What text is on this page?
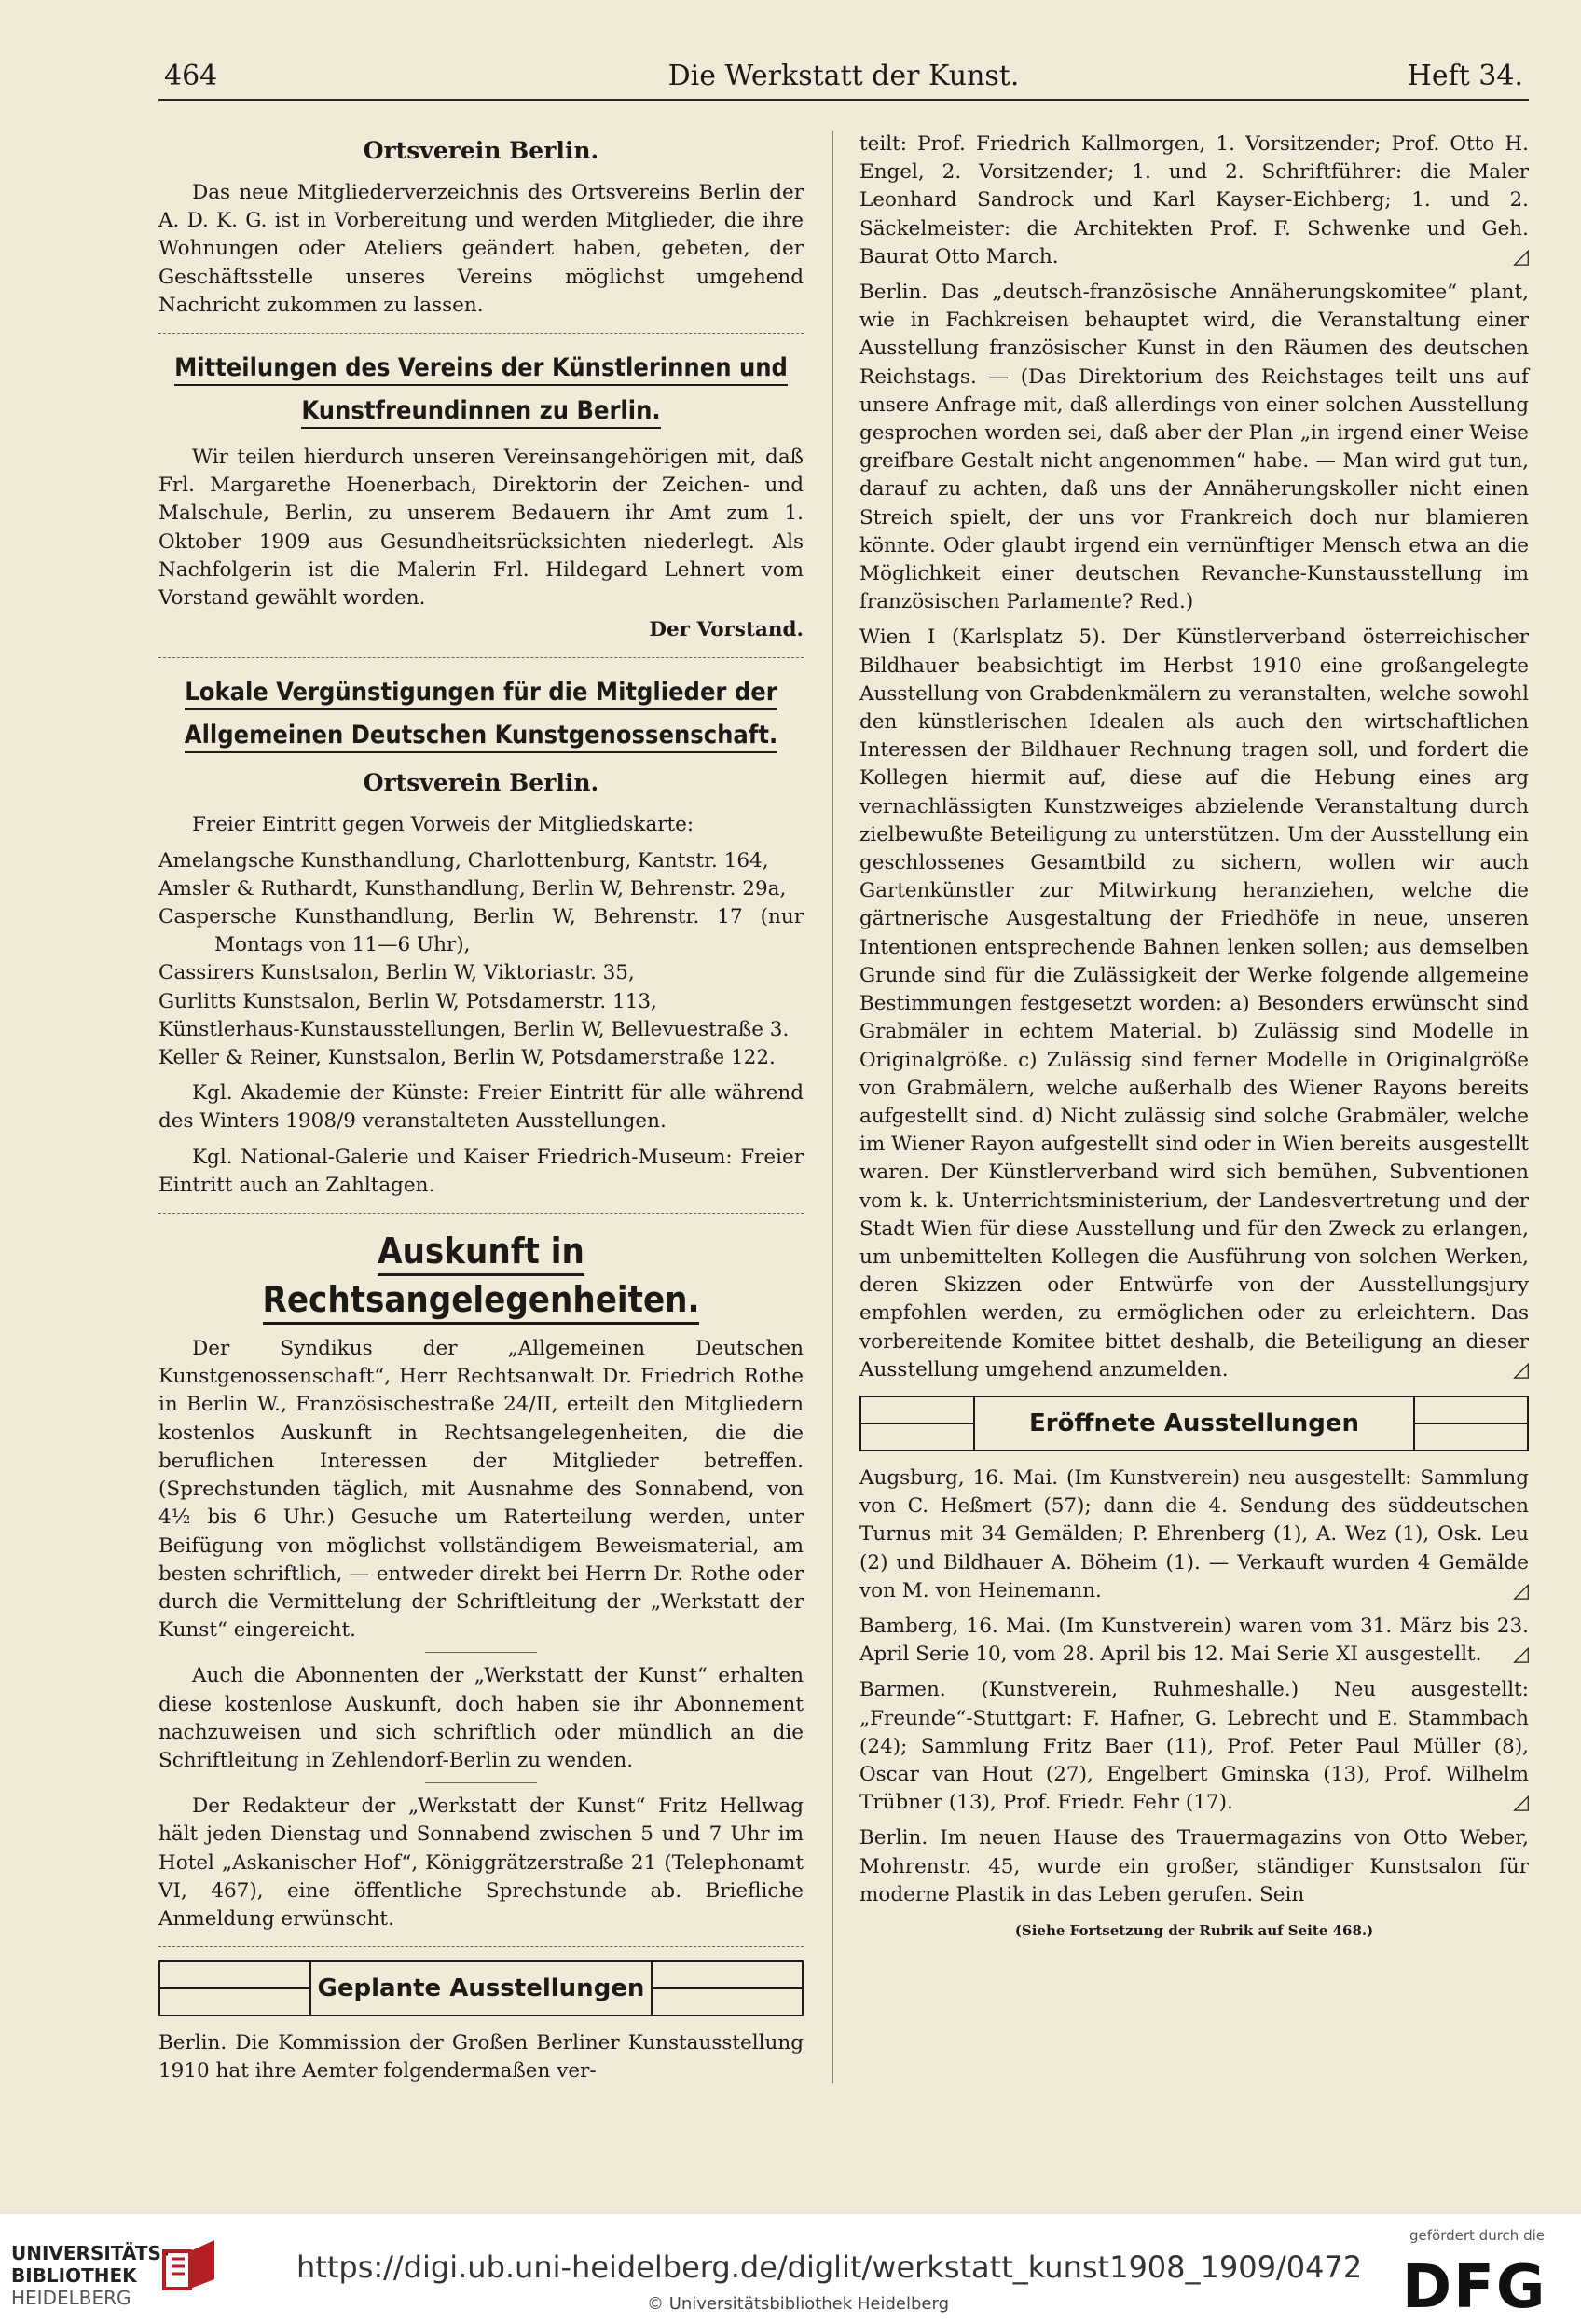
464	Die Werkstatt der Kunst.	Heft 34.
Ortsverein Berlin.

Das neue Mitgliederverzeichnis des Ortsvereins Berlin der A. D. K. G. ist in Vorbereitung und werden Mitglieder, die ihre Wohnungen oder Ateliers geändert haben, gebeten, der Geschäftsstelle unseres Vereins möglichst umgehend Nachricht zukommen zu lassen.

Mitteilungen des Vereins der Künstlerinnen und
Kunstfreundinnen zu Berlin.

Wir teilen hierdurch unseren Vereinsangehörigen mit, daß Frl. Margarethe Hoenerbach, Direktorin der Zeichen- und Malschule, Berlin, zu unserem Bedauern ihr Amt zum 1. Oktober 1909 aus Gesundheitsrücksichten niederlegt. Als Nachfolgerin ist die Malerin Frl. Hildegard Lehnert vom Vorstand gewählt worden.

Der Vorstand.
Lokale Vergünstigungen für die Mitglieder der
Allgemeinen Deutschen Kunstgenossenschaft.
Ortsverein Berlin.

Freier Eintritt gegen Vorweis der Mitgliedskarte:

Amelangsche Kunsthandlung, Charlottenburg, Kantstr. 164,
Amsler & Ruthardt, Kunsthandlung, Berlin W, Behrenstr. 29a,
Caspersche Kunsthandlung, Berlin W, Behrenstr. 17 (nur Montags von 11—6 Uhr),
Cassirers Kunstsalon, Berlin W, Viktoriastr. 35,
Gurlitts Kunstsalon, Berlin W, Potsdamerstr. 113,
Künstlerhaus-Kunstausstellungen, Berlin W, Bellevuestraße 3.
Keller & Reiner, Kunstsalon, Berlin W, Potsdamerstraße 122.

Kgl. Akademie der Künste: Freier Eintritt für alle während des Winters 1908/9 veranstalteten Ausstellungen.

Kgl. National-Galerie und Kaiser Friedrich-Museum: Freier Eintritt auch an Zahltagen.

Auskunft in Rechtsangelegenheiten.

Der Syndikus der „Allgemeinen Deutschen Kunstgenossenschaft“, Herr Rechtsanwalt Dr. Friedrich Rothe in Berlin W., Französischestraße 24/II, erteilt den Mitgliedern kostenlos Auskunft in Rechtsangelegenheiten, die die beruflichen Interessen der Mitglieder betreffen. (Sprechstunden täglich, mit Ausnahme des Sonnabend, von 4½ bis 6 Uhr.) Gesuche um Raterteilung werden, unter Beifügung von möglichst vollständigem Beweismaterial, am besten schriftlich, — entweder direkt bei Herrn Dr. Rothe oder durch die Vermittelung der Schriftleitung der „Werkstatt der Kunst“ eingereicht.

Auch die Abonnenten der „Werkstatt der Kunst“ erhalten diese kostenlose Auskunft, doch haben sie ihr Abonnement nachzuweisen und sich schriftlich oder mündlich an die Schriftleitung in Zehlendorf-Berlin zu wenden.

Der Redakteur der „Werkstatt der Kunst“ Fritz Hellwag hält jeden Dienstag und Sonnabend zwischen 5 und 7 Uhr im Hotel „Askanischer Hof“, Königgrätzerstraße 21 (Telephonamt VI, 467), eine öffentliche Sprechstunde ab. Briefliche Anmeldung erwünscht.

Geplante Ausstellungen

Berlin. Die Kommission der Großen Berliner Kunstausstellung 1910 hat ihre Aemter folgendermaßen ver-

teilt: Prof. Friedrich Kallmorgen, 1. Vorsitzender; Prof. Otto H. Engel, 2. Vorsitzender; 1. und 2. Schriftführer: die Maler Leonhard Sandrock und Karl Kayser-Eichberg; 1. und 2. Säckelmeister: die Architekten Prof. F. Schwenke und Geh. Baurat Otto March.	◿

Berlin. Das „deutsch-französische Annäherungskomitee“ plant, wie in Fachkreisen behauptet wird, die Veranstaltung einer Ausstellung französischer Kunst in den Räumen des deutschen Reichstags. — (Das Direktorium des Reichstages teilt uns auf unsere Anfrage mit, daß allerdings von einer solchen Ausstellung gesprochen worden sei, daß aber der Plan „in irgend einer Weise greifbare Gestalt nicht angenommen“ habe. — Man wird gut tun, darauf zu achten, daß uns der Annäherungskoller nicht einen Streich spielt, der uns vor Frankreich doch nur blamieren könnte. Oder glaubt irgend ein vernünftiger Mensch etwa an die Möglichkeit einer deutschen Revanche-Kunstausstellung im französischen Parlamente? Red.)

Wien I (Karlsplatz 5). Der Künstlerverband österreichischer Bildhauer beabsichtigt im Herbst 1910 eine großangelegte Ausstellung von Grabdenkmälern zu veranstalten, welche sowohl den künstlerischen Idealen als auch den wirtschaftlichen Interessen der Bildhauer Rechnung tragen soll, und fordert die Kollegen hiermit auf, diese auf die Hebung eines arg vernachlässigten Kunstzweiges abzielende Veranstaltung durch zielbewußte Beteiligung zu unterstützen. Um der Ausstellung ein geschlossenes Gesamtbild zu sichern, wollen wir auch Gartenkünstler zur Mitwirkung heranziehen, welche die gärtnerische Ausgestaltung der Friedhöfe in neue, unseren Intentionen entsprechende Bahnen lenken sollen; aus demselben Grunde sind für die Zulässigkeit der Werke folgende allgemeine Bestimmungen festgesetzt worden: a) Besonders erwünscht sind Grabmäler in echtem Material. b) Zulässig sind Modelle in Originalgröße. c) Zulässig sind ferner Modelle in Originalgröße von Grabmälern, welche außerhalb des Wiener Rayons bereits aufgestellt sind. d) Nicht zulässig sind solche Grabmäler, welche im Wiener Rayon aufgestellt sind oder in Wien bereits ausgestellt waren. Der Künstlerverband wird sich bemühen, Subventionen vom k. k. Unterrichtsministerium, der Landesvertretung und der Stadt Wien für diese Ausstellung und für den Zweck zu erlangen, um unbemittelten Kollegen die Ausführung von solchen Werken, deren Skizzen oder Entwürfe von der Ausstellungsjury empfohlen werden, zu ermöglichen oder zu erleichtern. Das vorbereitende Komitee bittet deshalb, die Beteiligung an dieser Ausstellung umgehend anzumelden.	◿

Eröffnete Ausstellungen

Augsburg, 16. Mai. (Im Kunstverein) neu ausgestellt: Sammlung von C. Heßmert (57); dann die 4. Sendung des süddeutschen Turnus mit 34 Gemälden; P. Ehrenberg (1), A. Wez (1), Osk. Leu (2) und Bildhauer A. Böheim (1). — Verkauft wurden 4 Gemälde von M. von Heinemann.	◿

Bamberg, 16. Mai. (Im Kunstverein) waren vom 31. März bis 23. April Serie 10, vom 28. April bis 12. Mai Serie XI ausgestellt. ◿

Barmen. (Kunstverein, Ruhmeshalle.) Neu ausgestellt: „Freunde“-Stuttgart: F. Hafner, G. Lebrecht und E. Stammbach (24); Sammlung Fritz Baer (11), Prof. Peter Paul Müller (8), Oscar van Hout (27), Engelbert Gminska (13), Prof. Wilhelm Trübner (13), Prof. Friedr. Fehr (17).	◿

Berlin. Im neuen Hause des Trauermagazins von Otto Weber, Mohrenstr. 45, wurde ein großer, ständiger Kunstsalon für moderne Plastik in das Leben gerufen. Sein

(Siehe Fortsetzung der Rubrik auf Seite 468.)
UNIVERSITÄTS-
BIBLIOTHEK
HEIDELBERG
https://digi.ub.uni-heidelberg.de/diglit/werkstatt_kunst1908_1909/0472
© Universitätsbibliothek Heidelberg
gefördert durch die
DFG
